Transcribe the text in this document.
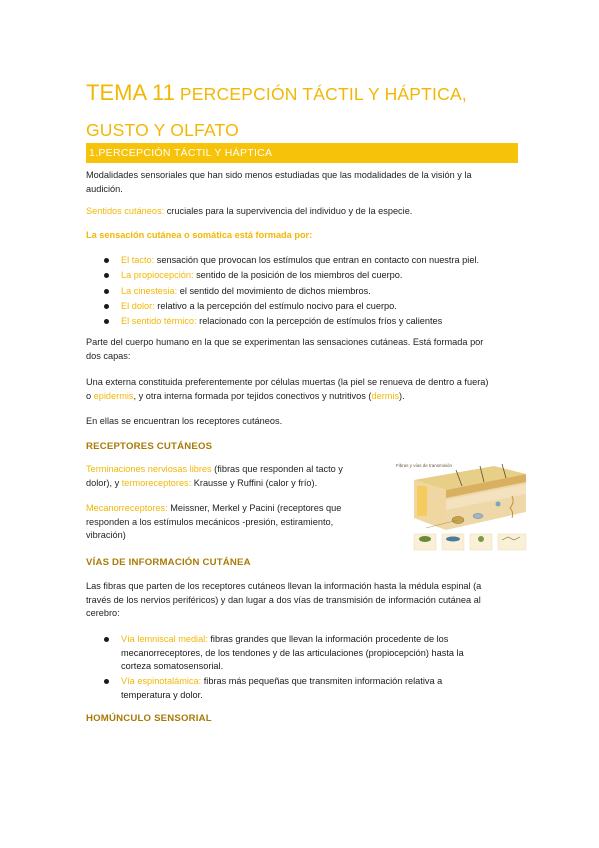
TEMA 11 PERCEPCIÓN TÁCTIL Y HÁPTICA,
GUSTO Y OLFATO
1.PERCEPCIÓN TÁCTIL Y HÁPTICA
Modalidades sensoriales que han sido menos estudiadas que las modalidades de la visión y la
audición.
Sentidos cutáneos: cruciales para la supervivencia del individuo y de la especie.
La sensación cutánea o somática está formada por:
El tacto: sensación que provocan los estímulos que entran en contacto con nuestra piel.
La propiocepción: sentido de la posición de los miembros del cuerpo.
La cinestesia: el sentido del movimiento de dichos miembros.
El dolor: relativo a la percepción del estímulo nocivo para el cuerpo.
El sentido térmico: relacionado con la percepción de estímulos fríos y calientes
Parte del cuerpo humano en la que se experimentan las sensaciones cutáneas. Está formada por
dos capas:
Una externa constituida preferentemente por células muertas (la piel se renueva de dentro a fuera)
o epidermis, y otra interna formada por tejidos conectivos y nutritivos (dermis).
En ellas se encuentran los receptores cutáneos.
RECEPTORES CUTÁNEOS
Terminaciones nerviosas libres (fibras que responden al tacto y
dolor), y termoreceptores: Krausse y Ruffini (calor y frío).
Mecanorreceptores: Meissner, Merkel y Pacini (receptores que
responden a los estímulos mecánicos -presión, estiramiento,
vibración)
Fibras y vías de transmisión
VÍAS DE INFORMACIÓN CUTÁNEA
Las fibras que parten de los receptores cutáneos llevan la información hasta la médula espinal (a
través de los nervios periféricos) y dan lugar a dos vías de transmisión de información cutánea al
cerebro:
Vía lemniscal medial: fibras grandes que llevan la información procedente de los
mecanorreceptores, de los tendones y de las articulaciones (propiocepción) hasta la
corteza somatosensorial.
Vía espinotalámica: fibras más pequeñas que transmiten información relativa a
temperatura y dolor.
HOMÚNCULO SENSORIAL
